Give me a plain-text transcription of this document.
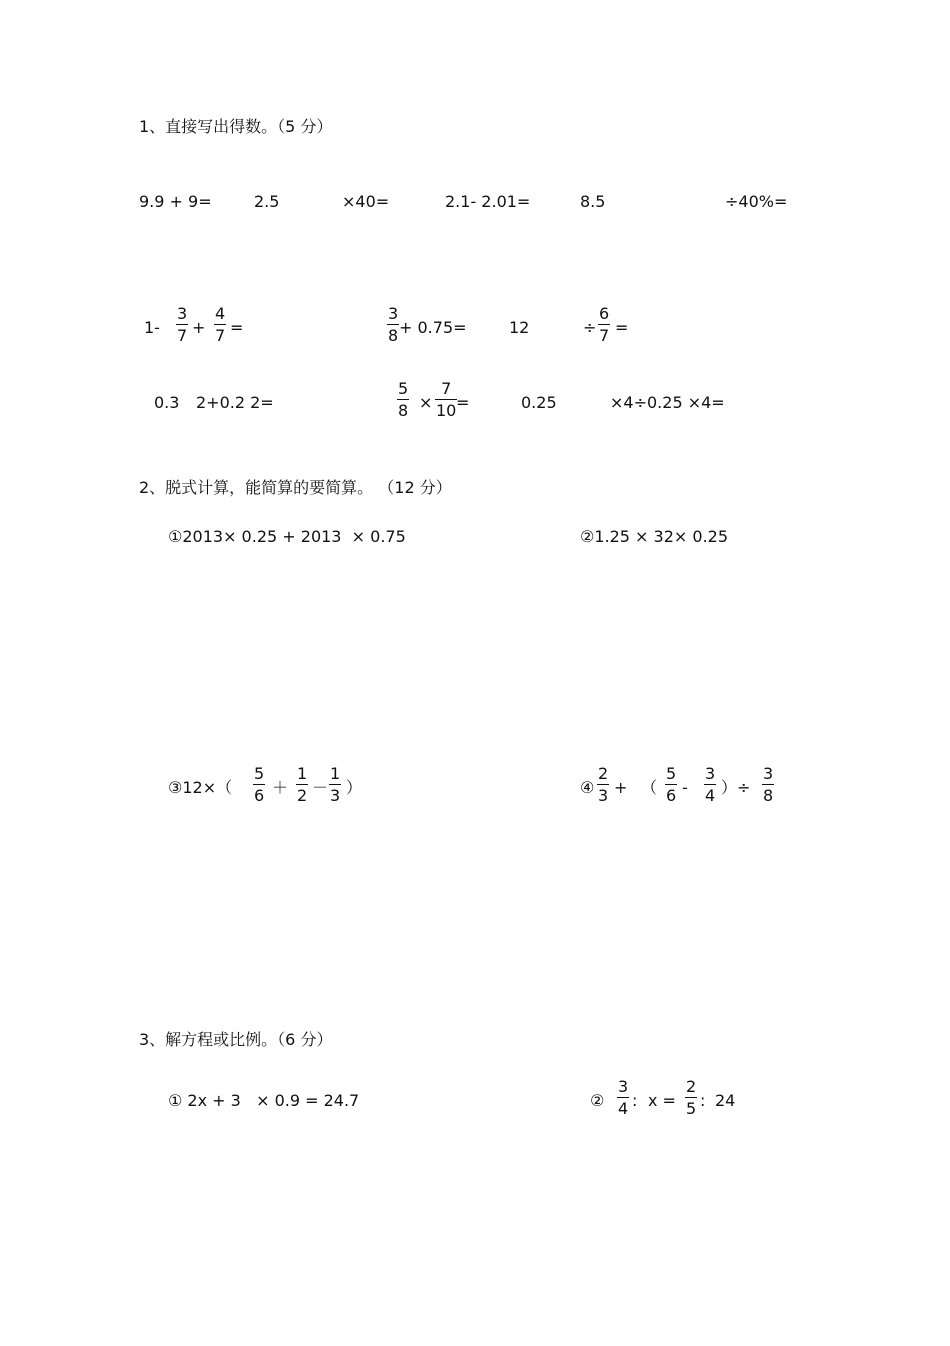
1、直接写出得数。（5 分）
9.9 + 9=	2.5	×40=	2.1- 2.01=	8.5	÷40%=
1-
3
7 +
4
7 =
3
8 + 0.75=	12	÷
6
7 =
0.3 2+0.2 2=
5
8 ×
7
10 =	0.25	×4÷0.25 ×4=
2、脱式计算，能简算的要简算。 （12 分）
①2013× 0.25 + 2013  × 0.75	②1.25 × 32× 0.25
③12×（
5
6 ＋
1
2 －
1
3 ）	④
2
3 + （
5
6 -
3
4 ）÷
3
8
3、解方程或比例。（6 分）
① 2x + 3   × 0.9 = 24.7	②
3
4 : x =
2
5 : 24
